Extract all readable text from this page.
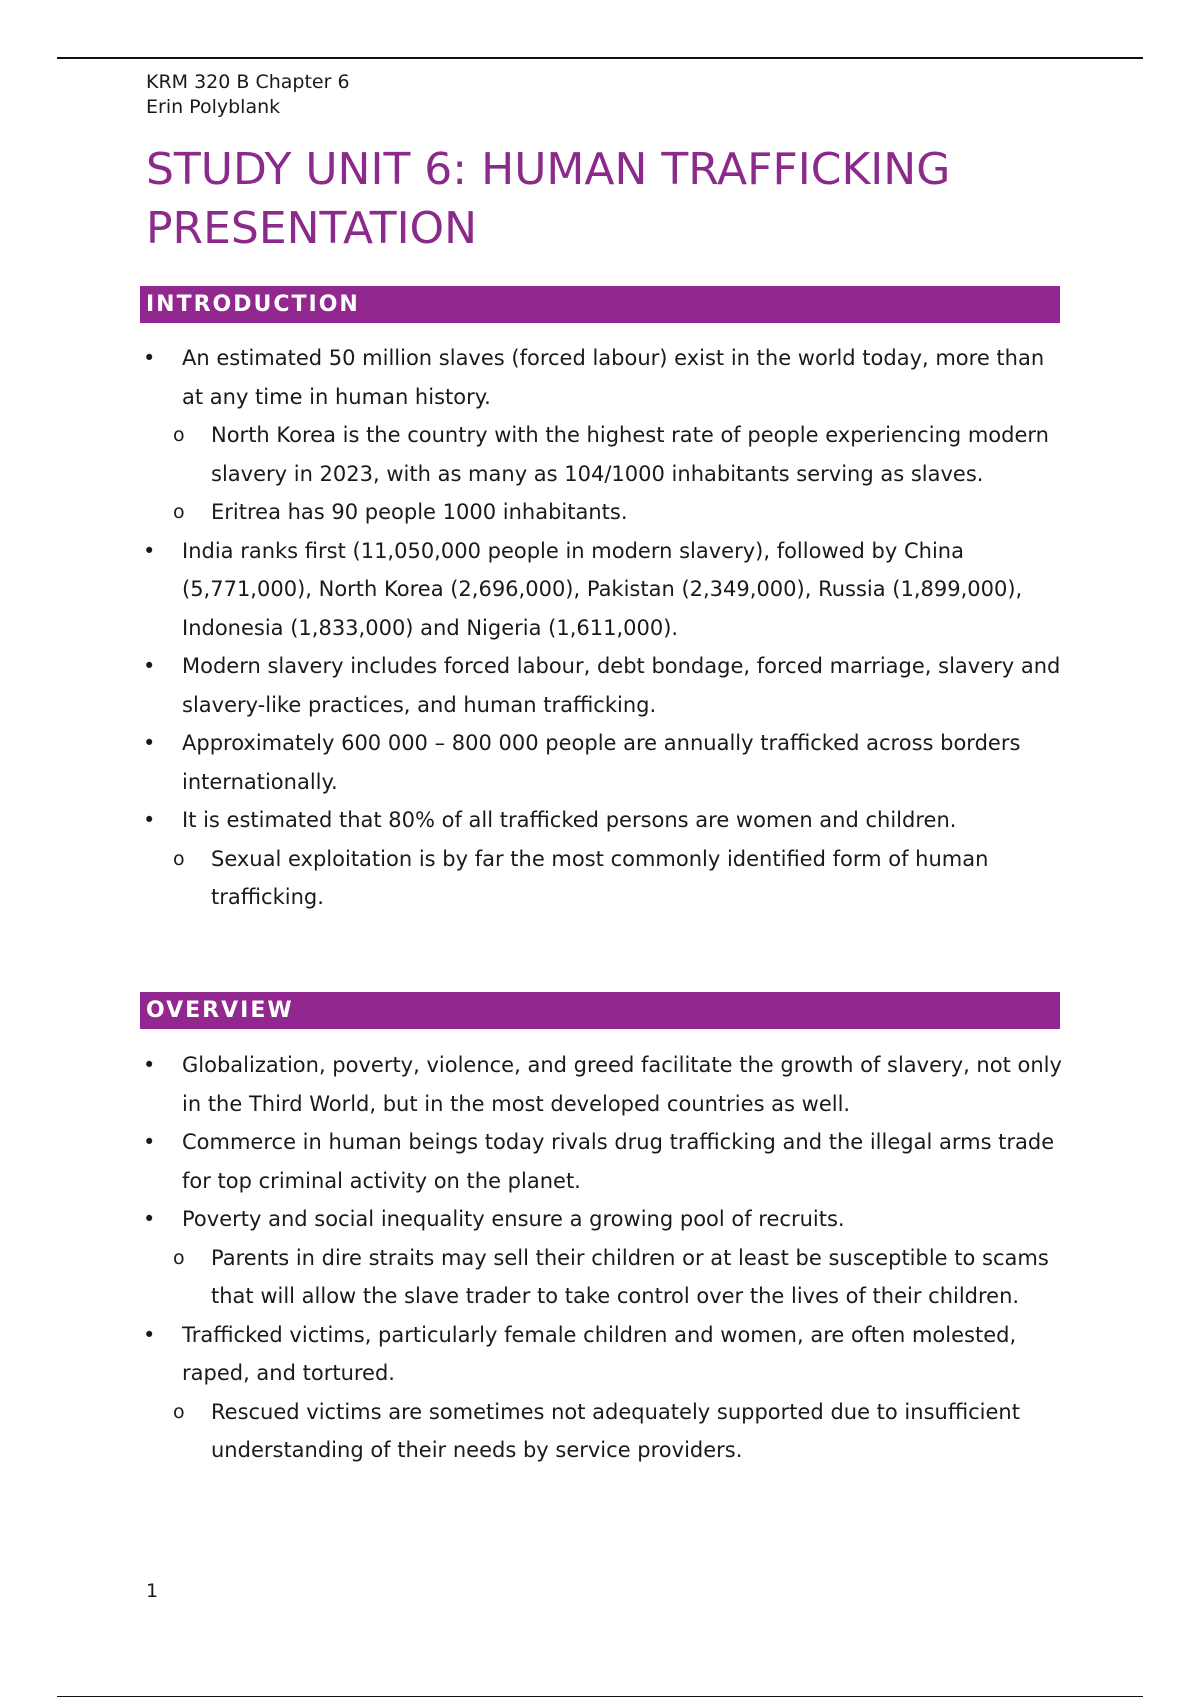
KRM 320 B Chapter 6
Erin Polyblank
STUDY UNIT 6: HUMAN TRAFFICKING PRESENTATION
INTRODUCTION
• An estimated 50 million slaves (forced labour) exist in the world today, more than at any time in human history.
o North Korea is the country with the highest rate of people experiencing modern slavery in 2023, with as many as 104/1000 inhabitants serving as slaves.
o Eritrea has 90 people 1000 inhabitants.
• India ranks first (11,050,000 people in modern slavery), followed by China (5,771,000), North Korea (2,696,000), Pakistan (2,349,000), Russia (1,899,000), Indonesia (1,833,000) and Nigeria (1,611,000).
• Modern slavery includes forced labour, debt bondage, forced marriage, slavery and slavery-like practices, and human trafficking.
• Approximately 600 000 – 800 000 people are annually trafficked across borders internationally.
• It is estimated that 80% of all trafficked persons are women and children.
o Sexual exploitation is by far the most commonly identified form of human trafficking.
OVERVIEW
• Globalization, poverty, violence, and greed facilitate the growth of slavery, not only in the Third World, but in the most developed countries as well.
• Commerce in human beings today rivals drug trafficking and the illegal arms trade for top criminal activity on the planet.
• Poverty and social inequality ensure a growing pool of recruits.
o Parents in dire straits may sell their children or at least be susceptible to scams that will allow the slave trader to take control over the lives of their children.
• Trafficked victims, particularly female children and women, are often molested, raped, and tortured.
o Rescued victims are sometimes not adequately supported due to insufficient understanding of their needs by service providers.
1
